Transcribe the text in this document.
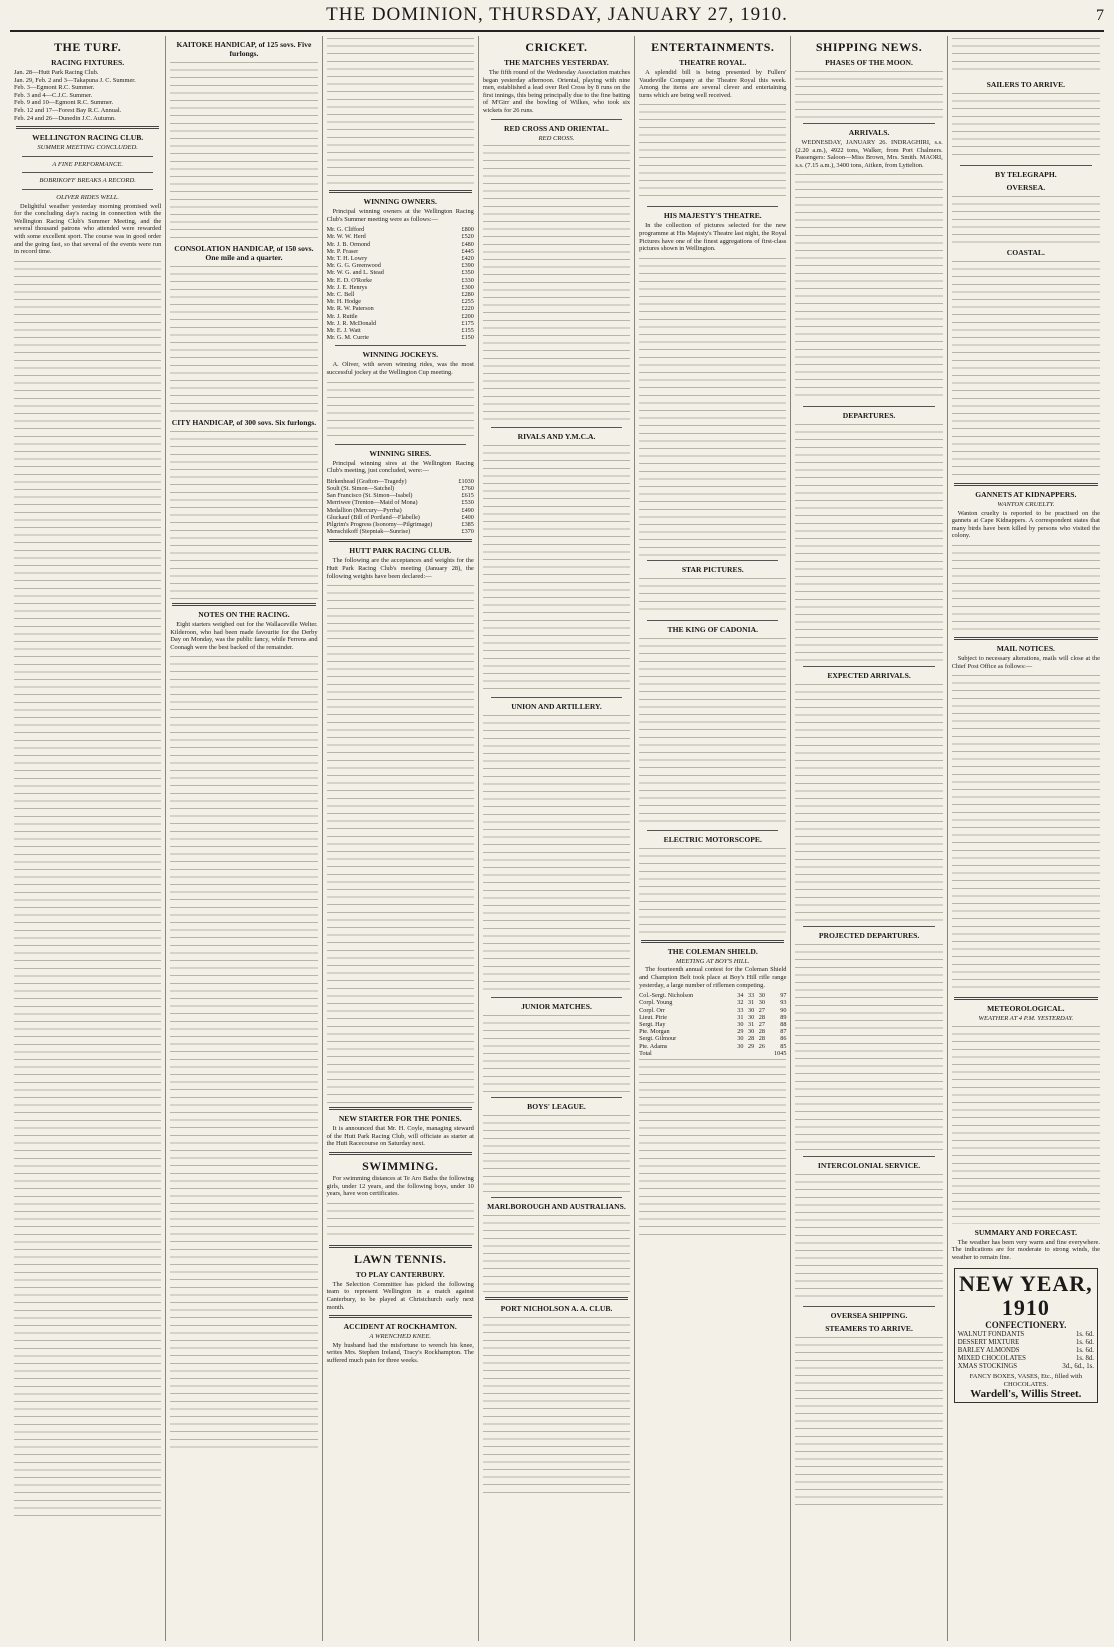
THE DOMINION, THURSDAY, JANUARY 27, 1910.	7
THE TURF.
RACING FIXTURES.
Jan. 28—Hutt Park Racing Club.
Jan. 29, Feb. 2 and 3—Takapuna J. C. Summer.
Feb. 3—Egmont R.C. Summer.
Feb. 3 and 4—C.J.C. Summer.
Feb. 9 and 10—Egmont R.C. Summer.
Feb. 12 and 17—Forest Bay R.C. Annual.
Feb. 24 and 26—Dunedin J.C. Autumn.
WELLINGTON RACING CLUB.
SUMMER MEETING CONCLUDED.
A FINE PERFORMANCE.
BOBRIKOFF BREAKS A RECORD.
OLIVER RIDES WELL.

Delightful weather yesterday morning promised well for the concluding day's racing in connection with the Wellington Racing Club's Summer Meeting, and the several thousand patrons who attended were rewarded with some excellent sport. The course was in good order and the going fast, so that several of the events were run in record time.

KAITOKE HANDICAP, of 125 sovs. Five furlongs.
CONSOLATION HANDICAP, of 150 sovs. One mile and a quarter.
CITY HANDICAP, of 300 sovs. Six furlongs.
NOTES ON THE RACING.

Eight starters weighed out for the Wallaceville Welter. Kilderoon, who had been made favourite for the Derby Day on Monday, was the public fancy, while Ferrens and Coonagh were the best backed of the remainder.

WINNING OWNERS.

Principal winning owners at the Wellington Racing Club's Summer meeting were as follows:—

Mr. G. Clifford	£800
Mr. W. W. Herd	£520
Mr. J. B. Ormond	£480
Mr. P. Fraser	£445
Mr. T. H. Lowry	£420
Mr. G. G. Greenwood	£390
Mr. W. G. and L. Stead	£350
Mr. E. D. O'Rorke	£330
Mr. J. E. Henrys	£300
Mr. C. Bell	£280
Mr. H. Hodge	£255
Mr. R. W. Paterson	£220
Mr. J. Ruttle	£200
Mr. J. R. McDonald	£175
Mr. E. J. Watt	£155
Mr. G. M. Currie	£150
WINNING JOCKEYS.

A. Oliver, with seven winning rides, was the most successful jockey at the Wellington Cup meeting.

WINNING SIRES.

Principal winning sires at the Wellington Racing Club's meeting, just concluded, were:—

Birkenhead (Grafton—Tragedy)	£1030
Soult (St. Simon—Satchel)	£760
San Francisco (St. Simon—Isabel)	£615
Merriwee (Trenton—Maid of Mona)	£530
Medallion (Mercury—Pyrrha)	£490
Gluckauf (Bill of Portland—Flabelle)	£400
Pilgrim's Progress (Isonomy—Pilgrimage)	£385
Menschikoff (Stepniak—Sunrise)	£370
HUTT PARK RACING CLUB.

The following are the acceptances and weights for the Hutt Park Racing Club's meeting (January 28), the following weights have been declared:—

NEW STARTER FOR THE PONIES.

It is announced that Mr. H. Coyle, managing steward of the Hutt Park Racing Club, will officiate as starter at the Hutt Racecourse on Saturday next.

SWIMMING.

For swimming distances at Te Aro Baths the following girls, under 12 years, and the following boys, under 10 years, have won certificates.

LAWN TENNIS.
TO PLAY CANTERBURY.

The Selection Committee has picked the following team to represent Wellington in a match against Canterbury, to be played at Christchurch early next month.

ACCIDENT AT ROCKHAMTON.
A WRENCHED KNEE.

My husband had the misfortune to wrench his knee, writes Mrs. Stephen Ireland, Tracy's Rockhampton. The suffered much pain for three weeks.

CRICKET.
THE MATCHES YESTERDAY.

The fifth round of the Wednesday Association matches began yesterday afternoon. Oriental, playing with nine men, established a lead over Red Cross by 8 runs on the first innings, this being principally due to the fine batting of M'Girr and the bowling of Wilkes, who took six wickets for 26 runs.

RED CROSS AND ORIENTAL.
RED CROSS.
RIVALS AND Y.M.C.A.
UNION AND ARTILLERY.
JUNIOR MATCHES.
BOYS' LEAGUE.
MARLBOROUGH AND AUSTRALIANS.
PORT NICHOLSON A. A. CLUB.
ENTERTAINMENTS.
THEATRE ROYAL.

A splendid bill is being presented by Fullers' Vaudeville Company at the Theatre Royal this week. Among the items are several clever and entertaining turns which are being well received.

HIS MAJESTY'S THEATRE.

In the collection of pictures selected for the new programme at His Majesty's Theatre last night, the Royal Pictures have one of the finest aggregations of first-class pictures shown in Wellington.

STAR PICTURES.
THE KING OF CADONIA.
ELECTRIC MOTORSCOPE.
THE COLEMAN SHIELD.
MEETING AT BOY'S HILL.

The fourteenth annual contest for the Coleman Shield and Champion Belt took place at Boy's Hill rifle range yesterday, a large number of riflemen competing.

Col.-Sergt. Nicholson	34	33	30	97
Corpl. Young	32	31	30	93
Corpl. Orr	33	30	27	90
Lieut. Pirie	31	30	28	89
Sergt. Hay	30	31	27	88
Pte. Morgan	29	30	28	87
Sergt. Gilmour	30	28	28	86
Pte. Adams	30	29	26	85
Total				1045
SHIPPING NEWS.
PHASES OF THE MOON.
ARRIVALS.

WEDNESDAY, JANUARY 26. INDRAGHIRI, s.s. (2.20 a.m.), 4922 tons, Walker, from Port Chalmers. Passengers: Saloon—Miss Brown, Mrs. Smith. MAORI, s.s. (7.15 a.m.), 3400 tons, Aitken, from Lyttelton.

DEPARTURES.
EXPECTED ARRIVALS.
PROJECTED DEPARTURES.
INTERCOLONIAL SERVICE.
OVERSEA SHIPPING.
STEAMERS TO ARRIVE.
SAILERS TO ARRIVE.
BY TELEGRAPH.
OVERSEA.
COASTAL.
GANNETS AT KIDNAPPERS.
WANTON CRUELTY.

Wanton cruelty is reported to be practised on the gannets at Cape Kidnappers. A correspondent states that many birds have been killed by persons who visited the colony.

MAIL NOTICES.

Subject to necessary alterations, mails will close at the Chief Post Office as follows:—

METEOROLOGICAL.
WEATHER AT 4 P.M. YESTERDAY.
SUMMARY AND FORECAST.

The weather has been very warm and fine everywhere. The indications are for moderate to strong winds, the weather to remain fine.

NEW YEAR, 1910
CONFECTIONERY.
WALNUT FONDANTS	1s. 6d.
DESSERT MIXTURE	1s. 6d.
BARLEY ALMONDS	1s. 6d.
MIXED CHOCOLATES	1s. 8d.
XMAS STOCKINGS	3d., 6d., 1s.
FANCY BOXES, VASES, Etc., filled with CHOCOLATES.
Wardell's, Willis Street.
